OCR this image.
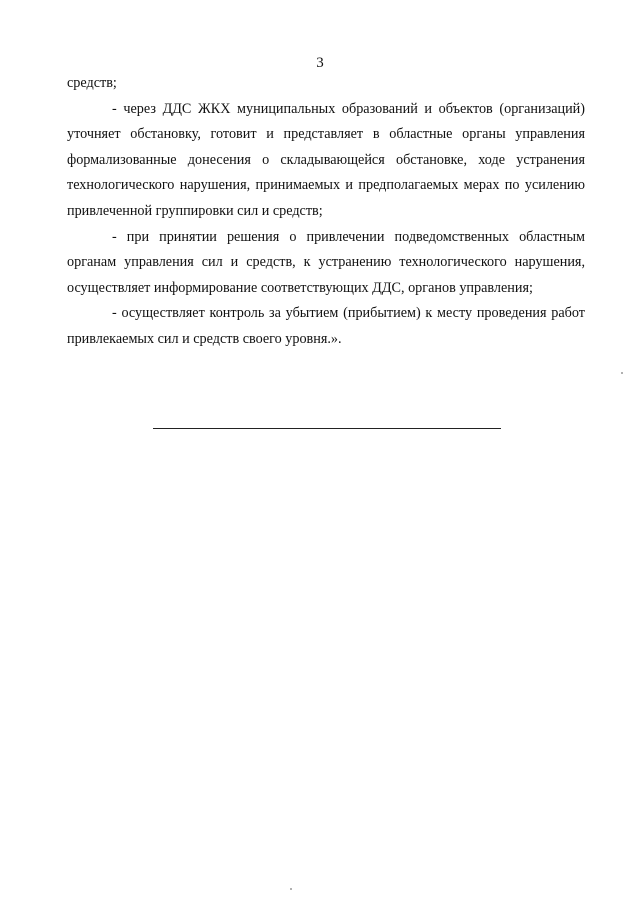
3

средств;

- через ДДС ЖКХ муниципальных образований и объектов (организаций) уточняет обстановку, готовит и представляет в областные органы управления формализованные донесения о складывающейся обстановке, ходе устранения технологического нарушения, принимаемых и предполагаемых мерах по усилению привлеченной группировки сил и средств;

- при принятии решения о привлечении подведомственных областным органам управления сил и средств, к устранению технологического нарушения, осуществляет информирование соответствующих ДДС, органов управления;

- осуществляет контроль за убытием (прибытием) к месту проведения работ привлекаемых сил и средств своего уровня.».
